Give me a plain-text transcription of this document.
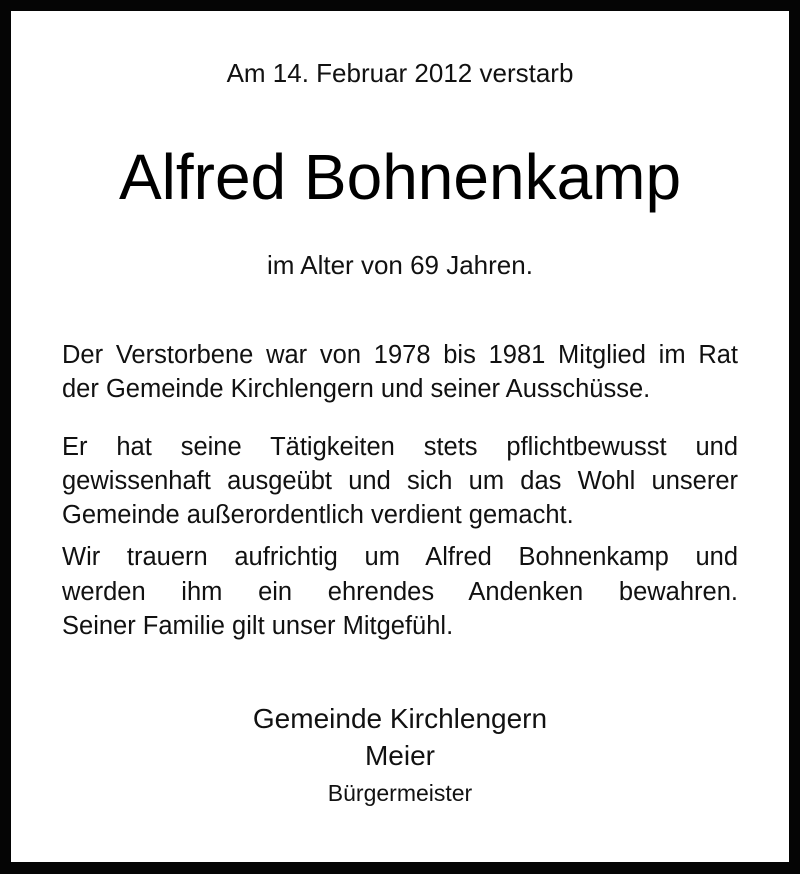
Am 14. Februar 2012 verstarb
Alfred Bohnenkamp
im Alter von 69 Jahren.
Der Verstorbene war von 1978 bis 1981 Mitglied im Rat
der Gemeinde Kirchlengern und seiner Ausschüsse.
Er hat seine Tätigkeiten stets pflichtbewusst und
gewissenhaft ausgeübt und sich um das Wohl unserer
Gemeinde außerordentlich verdient gemacht.
Wir trauern aufrichtig um Alfred Bohnenkamp und
werden ihm ein ehrendes Andenken bewahren.
Seiner Familie gilt unser Mitgefühl.
Gemeinde Kirchlengern
Meier
Bürgermeister
